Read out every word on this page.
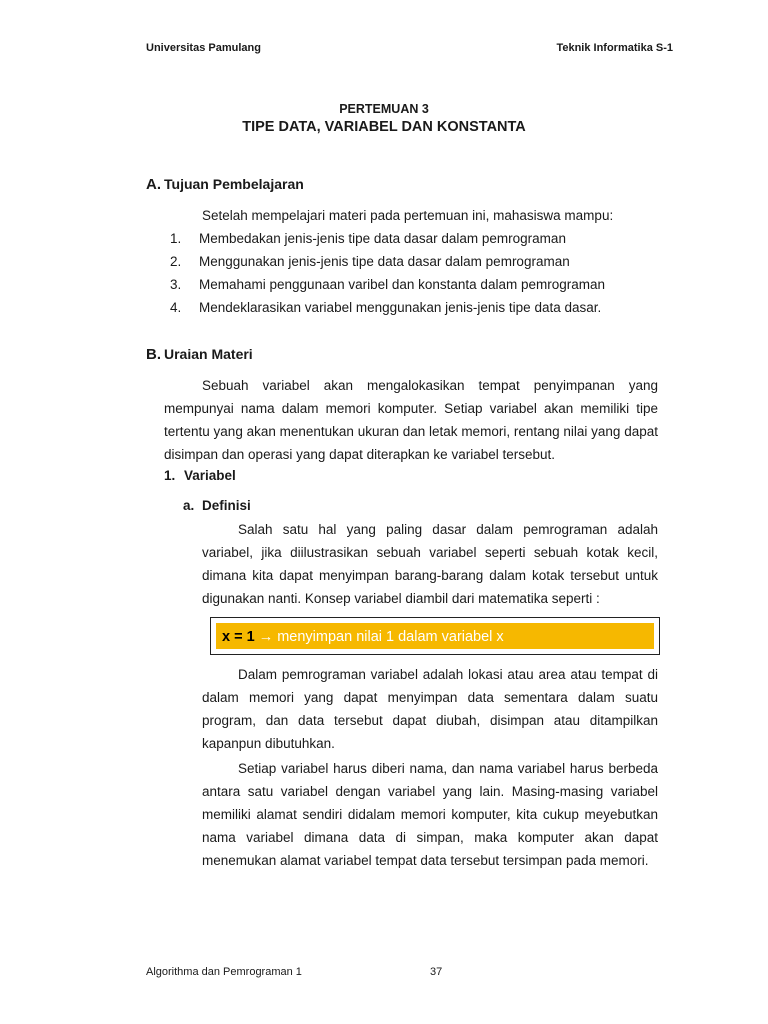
Universitas Pamulang	Teknik Informatika S-1
PERTEMUAN 3
TIPE DATA, VARIABEL DAN KONSTANTA
A. Tujuan Pembelajaran
Setelah mempelajari materi pada pertemuan ini, mahasiswa mampu:
1. Membedakan jenis-jenis tipe data dasar dalam pemrograman
2. Menggunakan jenis-jenis tipe data dasar dalam pemrograman
3. Memahami penggunaan varibel dan konstanta dalam pemrograman
4. Mendeklarasikan variabel menggunakan jenis-jenis tipe data dasar.
B. Uraian Materi
Sebuah variabel akan mengalokasikan tempat penyimpanan yang mempunyai nama dalam memori komputer. Setiap variabel akan memiliki tipe tertentu yang akan menentukan ukuran dan letak memori, rentang nilai yang dapat disimpan dan operasi yang dapat diterapkan ke variabel tersebut.
1. Variabel
a. Definisi
Salah satu hal yang paling dasar dalam pemrograman adalah variabel, jika diilustrasikan sebuah variabel seperti sebuah kotak kecil, dimana kita dapat menyimpan barang-barang dalam kotak tersebut untuk digunakan nanti. Konsep variabel diambil dari matematika seperti :
x = 1 → menyimpan nilai 1 dalam variabel x
Dalam pemrograman variabel adalah lokasi atau area atau tempat di dalam memori yang dapat menyimpan data sementara dalam suatu program, dan data tersebut dapat diubah, disimpan atau ditampilkan kapanpun dibutuhkan.
Setiap variabel harus diberi nama, dan nama variabel harus berbeda antara satu variabel dengan variabel yang lain. Masing-masing variabel memiliki alamat sendiri didalam memori komputer, kita cukup meyebutkan nama variabel dimana data di simpan, maka komputer akan dapat menemukan alamat variabel tempat data tersebut tersimpan pada memori.
Algorithma dan Pemrograman 1	37
